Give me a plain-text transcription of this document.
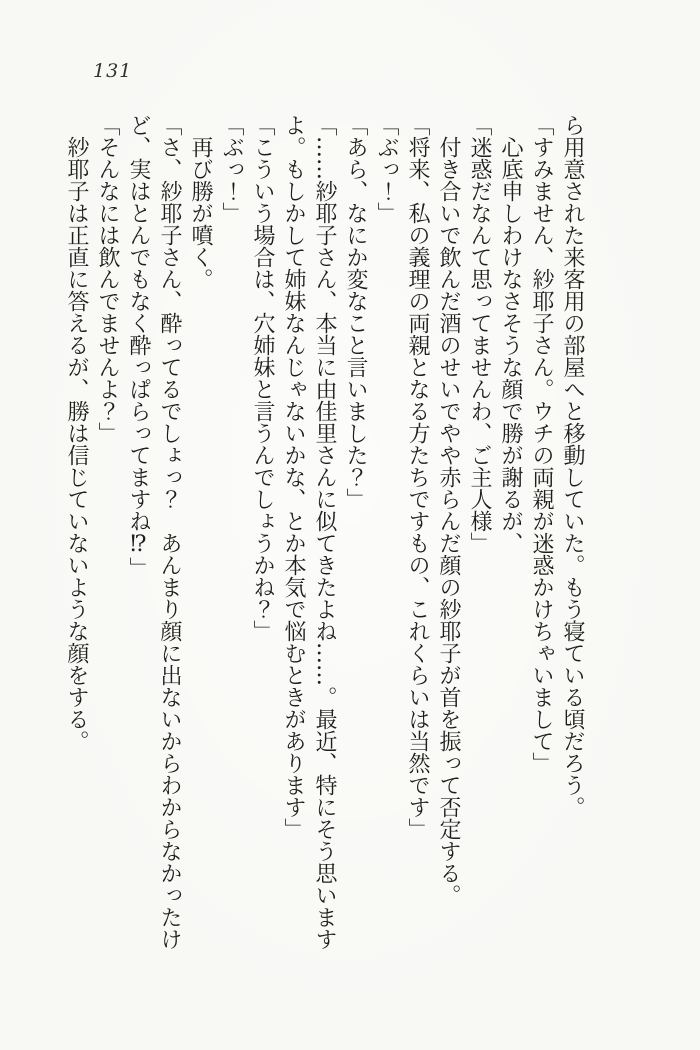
131

ら用意された来客用の部屋へと移動していた。もう寝ている頃だろう。

「すみません、紗耶子さん。ウチの両親が迷惑かけちゃいまして」

心底申しわけなさそうな顔で勝が謝るが、

「迷惑だなんて思ってませんわ、ご主人様」

付き合いで飲んだ酒のせいでやや赤らんだ顔の紗耶子が首を振って否定する。

「将来、私の義理の両親となる方たちですもの、これくらいは当然です」

「ぶっ！」

「あら、なにか変なこと言いました？」

「……紗耶子さん、本当に由佳里さんに似てきたよね……。最近、特にそう思いますよ。もしかして姉妹なんじゃないかな、とか本気で悩むときがあります」

「こういう場合は、穴姉妹と言うんでしょうかね？」

「ぶっ！」

再び勝が噴く。

「さ、紗耶子さん、酔ってるでしょっ？　あんまり顔に出ないからわからなかったけど、実はとんでもなく酔っぱらってますね⁉」

「そんなには飲んでませんよ？」

紗耶子は正直に答えるが、勝は信じていないような顔をする。
